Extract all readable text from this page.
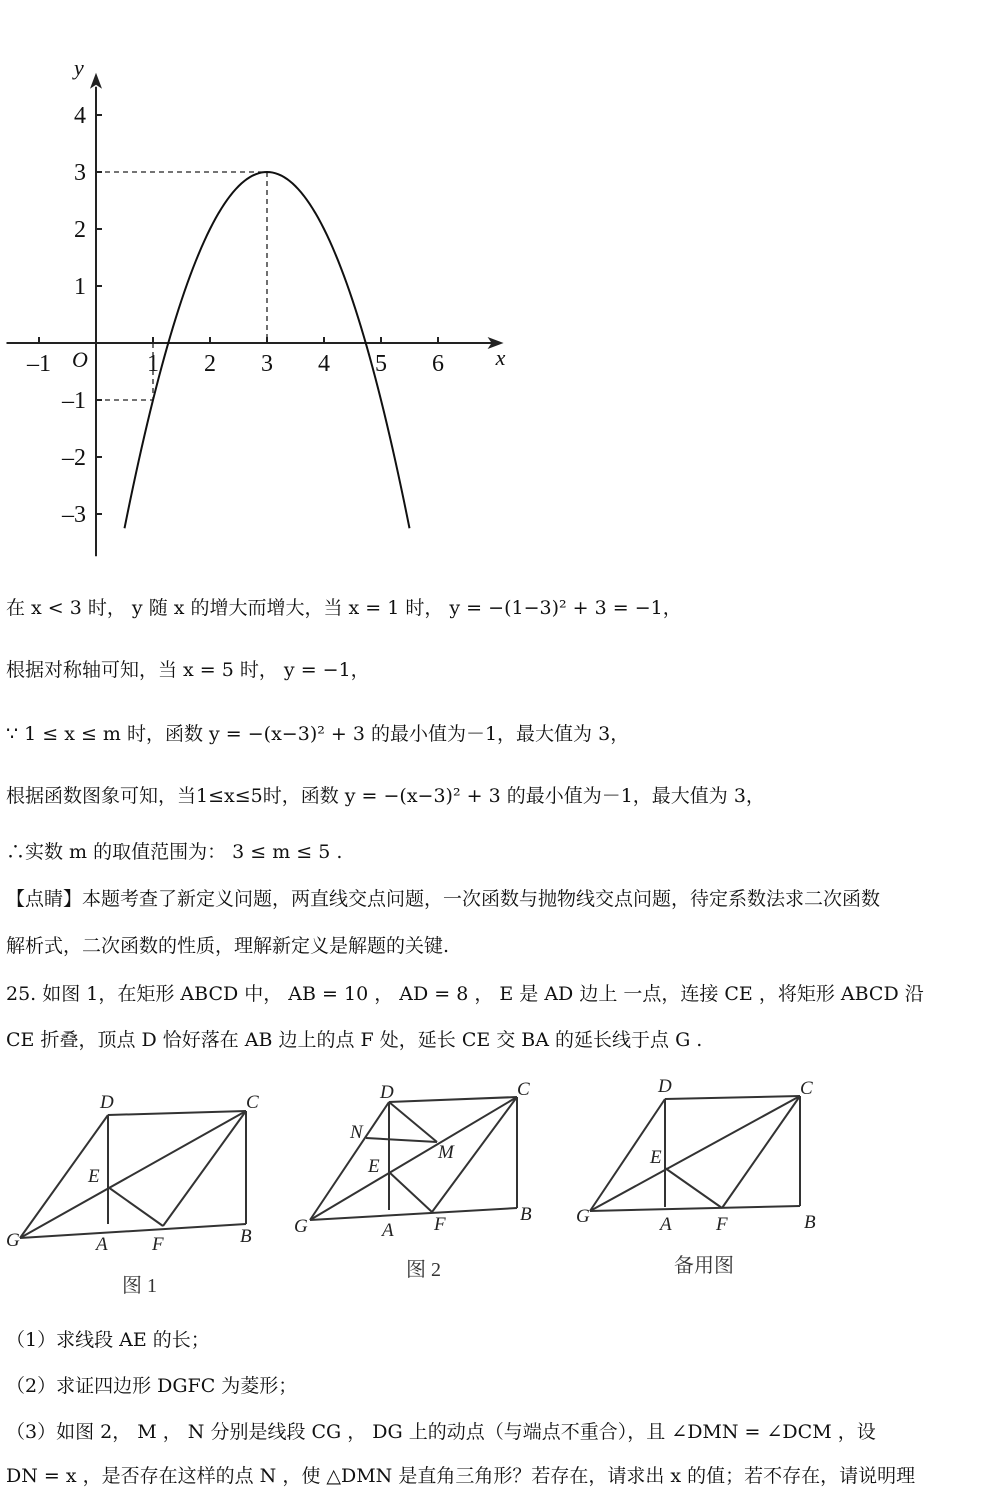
x
y
O
–1	1 2 3 4 5 6
–3
–2
–1
1
2
3
4
在 x < 3 时， y 随 x 的增大而增大，当 x = 1 时， y = −(1−3)² + 3 = −1，
根据对称轴可知，当 x = 5 时， y = −1，
∵ 1 ≤ x ≤ m 时，函数 y = −(x−3)² + 3 的最小值为－1，最大值为 3，
根据函数图象可知，当1≤x≤5时，函数 y = −(x−3)² + 3 的最小值为－1，最大值为 3，
∴实数 m 的取值范围为： 3 ≤ m ≤ 5 .
【点睛】本题考查了新定义问题，两直线交点问题，一次函数与抛物线交点问题，待定系数法求二次函数
解析式，二次函数的性质，理解新定义是解题的关键.
25. 如图 1，在矩形 ABCD 中， AB = 10 ， AD = 8 ， E 是 AD 边上 一点，连接 CE ，将矩形 ABCD 沿
CE 折叠，顶点 D 恰好落在 AB 边上的点 F 处，延长 CE 交 BA 的延长线于点 G .
D	C
E
G	A F	B
D	C
N
M
E
G	A F	B
D	C
E
G	A F	B
图 1
图 2	备用图
（1）求线段 AE 的长；
（2）求证四边形 DGFC 为菱形；
（3）如图 2， M ， N 分别是线段 CG ， DG 上的动点（与端点不重合），且 ∠DMN = ∠DCM ，设
DN = x ，是否存在这样的点 N ，使 △DMN 是直角三角形？若存在，请求出 x 的值；若不存在，请说明理
